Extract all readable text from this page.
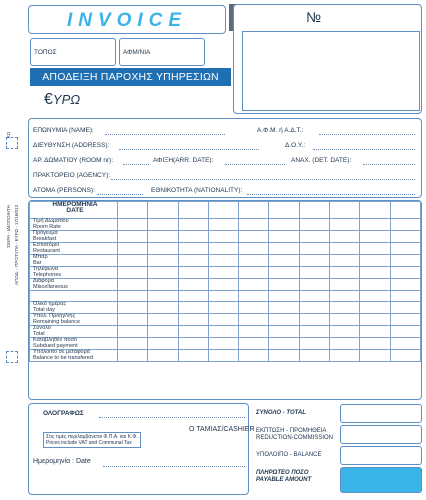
ΣΕΙΡΑ - ΙΔΙΟΠΟΙΗΤΗ ΑΠΟΔ. - ΠΡΟΤΥΠΑ - ΕΥΡΩ - 17/16/013
ΧΩ
INVOICE
ΤΟΠΟΣ	ΑΦΜ/ΝΙΑ
ΑΠΟΔΕΙΞΗ ΠΑΡΟΧΗΣ ΥΠΗΡΕΣΙΩΝ
€ΥΡΩ
№
ΕΠΩΝΥΜΙΑ (NAME):	Α.Φ.Μ. ή Α.Δ.Τ.:
ΔΙΕΥΘΥΝΣΗ (ADDRESS):	Δ.Ο.Υ.:
ΑΡ. ΔΩΜΑΤΙΟΥ (ROOM nr):	ΑΦΙΞΗ(ARR. DATE):	ΑΝΑΧ. (DET. DATE):
ΠΡΑΚΤΟΡΕΙΟ (AGENCY):
ΑΤΟΜΑ (PERSONS):	ΕΘΝΙΚΟΤΗΤΑ (NATIONALITY):
ΗΜΕΡΟΜΗΝΙΑ
DATE										

Τιμή Δωματίου
Room Rate										

Πρόγευμα
Breakfast										

Εστιατόριο
Restaurant										

Μπαρ
Bar										

Τηλέφωνα
Telephones										

Διάφορα
Miscellaneous										

Όλικό ημέρας
Total day										

Υπολ. Προηγ/νης
Remaining balance										

Σύνολο
Total										

Καταβληθέν ποσό
Subdued payment										

Υπόλοιπο σε μεταφορά
Balance to be transfered										

ΟΛΟΓΡΑΦΩΣ
Στις τιμές περιλαμβάνεται Φ.Π.Α. και Κ.Φ.
Prices include VAT and Communal Tax
Ο ΤΑΜΙΑΣ/CASHIER
Ημερομηνία : Date
ΣΥΝΟΛΟ - TOTAL
ΕΚΠΤΩΣΗ - ΠΡΟΜΗΘΕΙΑ
REDUCTION-COMMISSION
ΥΠΟΛΟΙΠΟ - BALANCE
ΠΛΗΡΩΤΕΟ ΠΟΣΟ
PAYABLE AMOUNT
